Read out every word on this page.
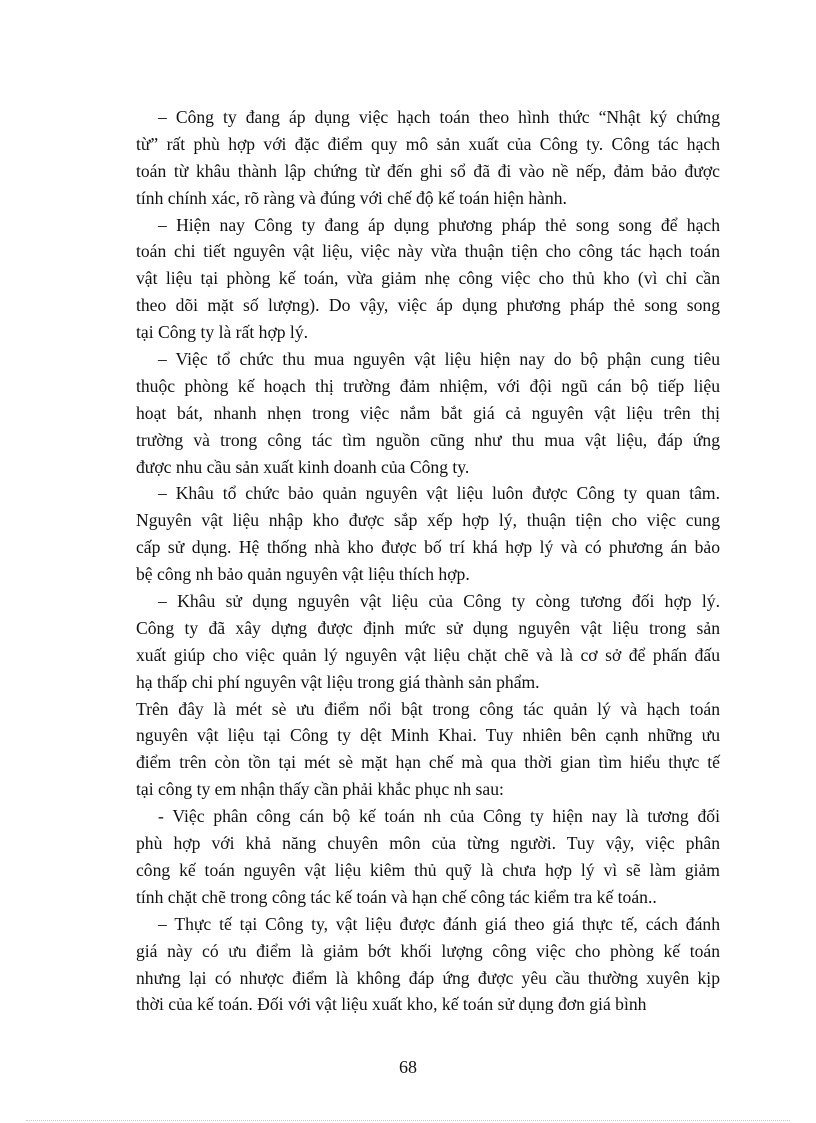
– Công ty đang áp dụng việc hạch toán theo hình thức “Nhật ký chứng
từ” rất phù hợp với đặc điểm quy mô sản xuất của Công ty. Công tác hạch
toán từ khâu thành lập chứng từ đến ghi sổ đã đi vào nề nếp, đảm bảo được
tính chính xác, rõ ràng và đúng với chế độ kế toán hiện hành.
– Hiện nay Công ty đang áp dụng phương pháp thẻ song song để hạch
toán chi tiết nguyên vật liệu, việc này vừa thuận tiện cho công tác hạch toán
vật liệu tại phòng kế toán, vừa giảm nhẹ công việc cho thủ kho (vì chỉ cần
theo dõi mặt số lượng). Do vậy, việc áp dụng phương pháp thẻ song song
tại Công ty là rất hợp lý.
– Việc tổ chức thu mua nguyên vật liệu hiện nay do bộ phận cung tiêu
thuộc phòng kế hoạch thị trường đảm nhiệm, với đội ngũ cán bộ tiếp liệu
hoạt bát, nhanh nhẹn trong việc nắm bắt giá cả nguyên vật liệu trên thị
trường và trong công tác tìm nguồn cũng như thu mua vật liệu, đáp ứng
được nhu cầu sản xuất kinh doanh của Công ty.
– Khâu tổ chức bảo quản nguyên vật liệu luôn được Công ty quan tâm.
Nguyên vật liệu nhập kho được sắp xếp hợp lý, thuận tiện cho việc cung
cấp sử dụng. Hệ thống nhà kho được bố trí khá hợp lý và có phương án bảo
bệ công nh bảo quản nguyên vật liệu thích hợp.
– Khâu sử dụng nguyên vật liệu của Công ty còng tương đối hợp lý.
Công ty đã xây dựng được định mức sử dụng nguyên vật liệu trong sản
xuất giúp cho việc quản lý nguyên vật liệu chặt chẽ và là cơ sở để phấn đấu
hạ thấp chi phí nguyên vật liệu trong giá thành sản phẩm.
Trên đây là mét sè ưu điểm nổi bật trong công tác quản lý và hạch toán
nguyên vật liệu tại Công ty dệt Minh Khai. Tuy nhiên bên cạnh những ưu
điểm trên còn tồn tại mét sè mặt hạn chế mà qua thời gian tìm hiểu thực tế
tại công ty em nhận thấy cần phải khắc phục nh sau:
- Việc phân công cán bộ kế toán nh của Công ty hiện nay là tương đối
phù hợp với khả năng chuyên môn của từng người. Tuy vậy, việc phân
công kế toán nguyên vật liệu kiêm thủ quỹ là chưa hợp lý vì sẽ làm giảm
tính chặt chẽ trong công tác kế toán và hạn chế công tác kiểm tra kế toán..
– Thực tế tại Công ty, vật liệu được đánh giá theo giá thực tế, cách đánh
giá này có ưu điểm là giảm bớt khối lượng công việc cho phòng kế toán
nhưng lại có nhược điểm là không đáp ứng được yêu cầu thường xuyên kịp
thời của kế toán. Đối với vật liệu xuất kho, kế toán sử dụng đơn giá bình
68
